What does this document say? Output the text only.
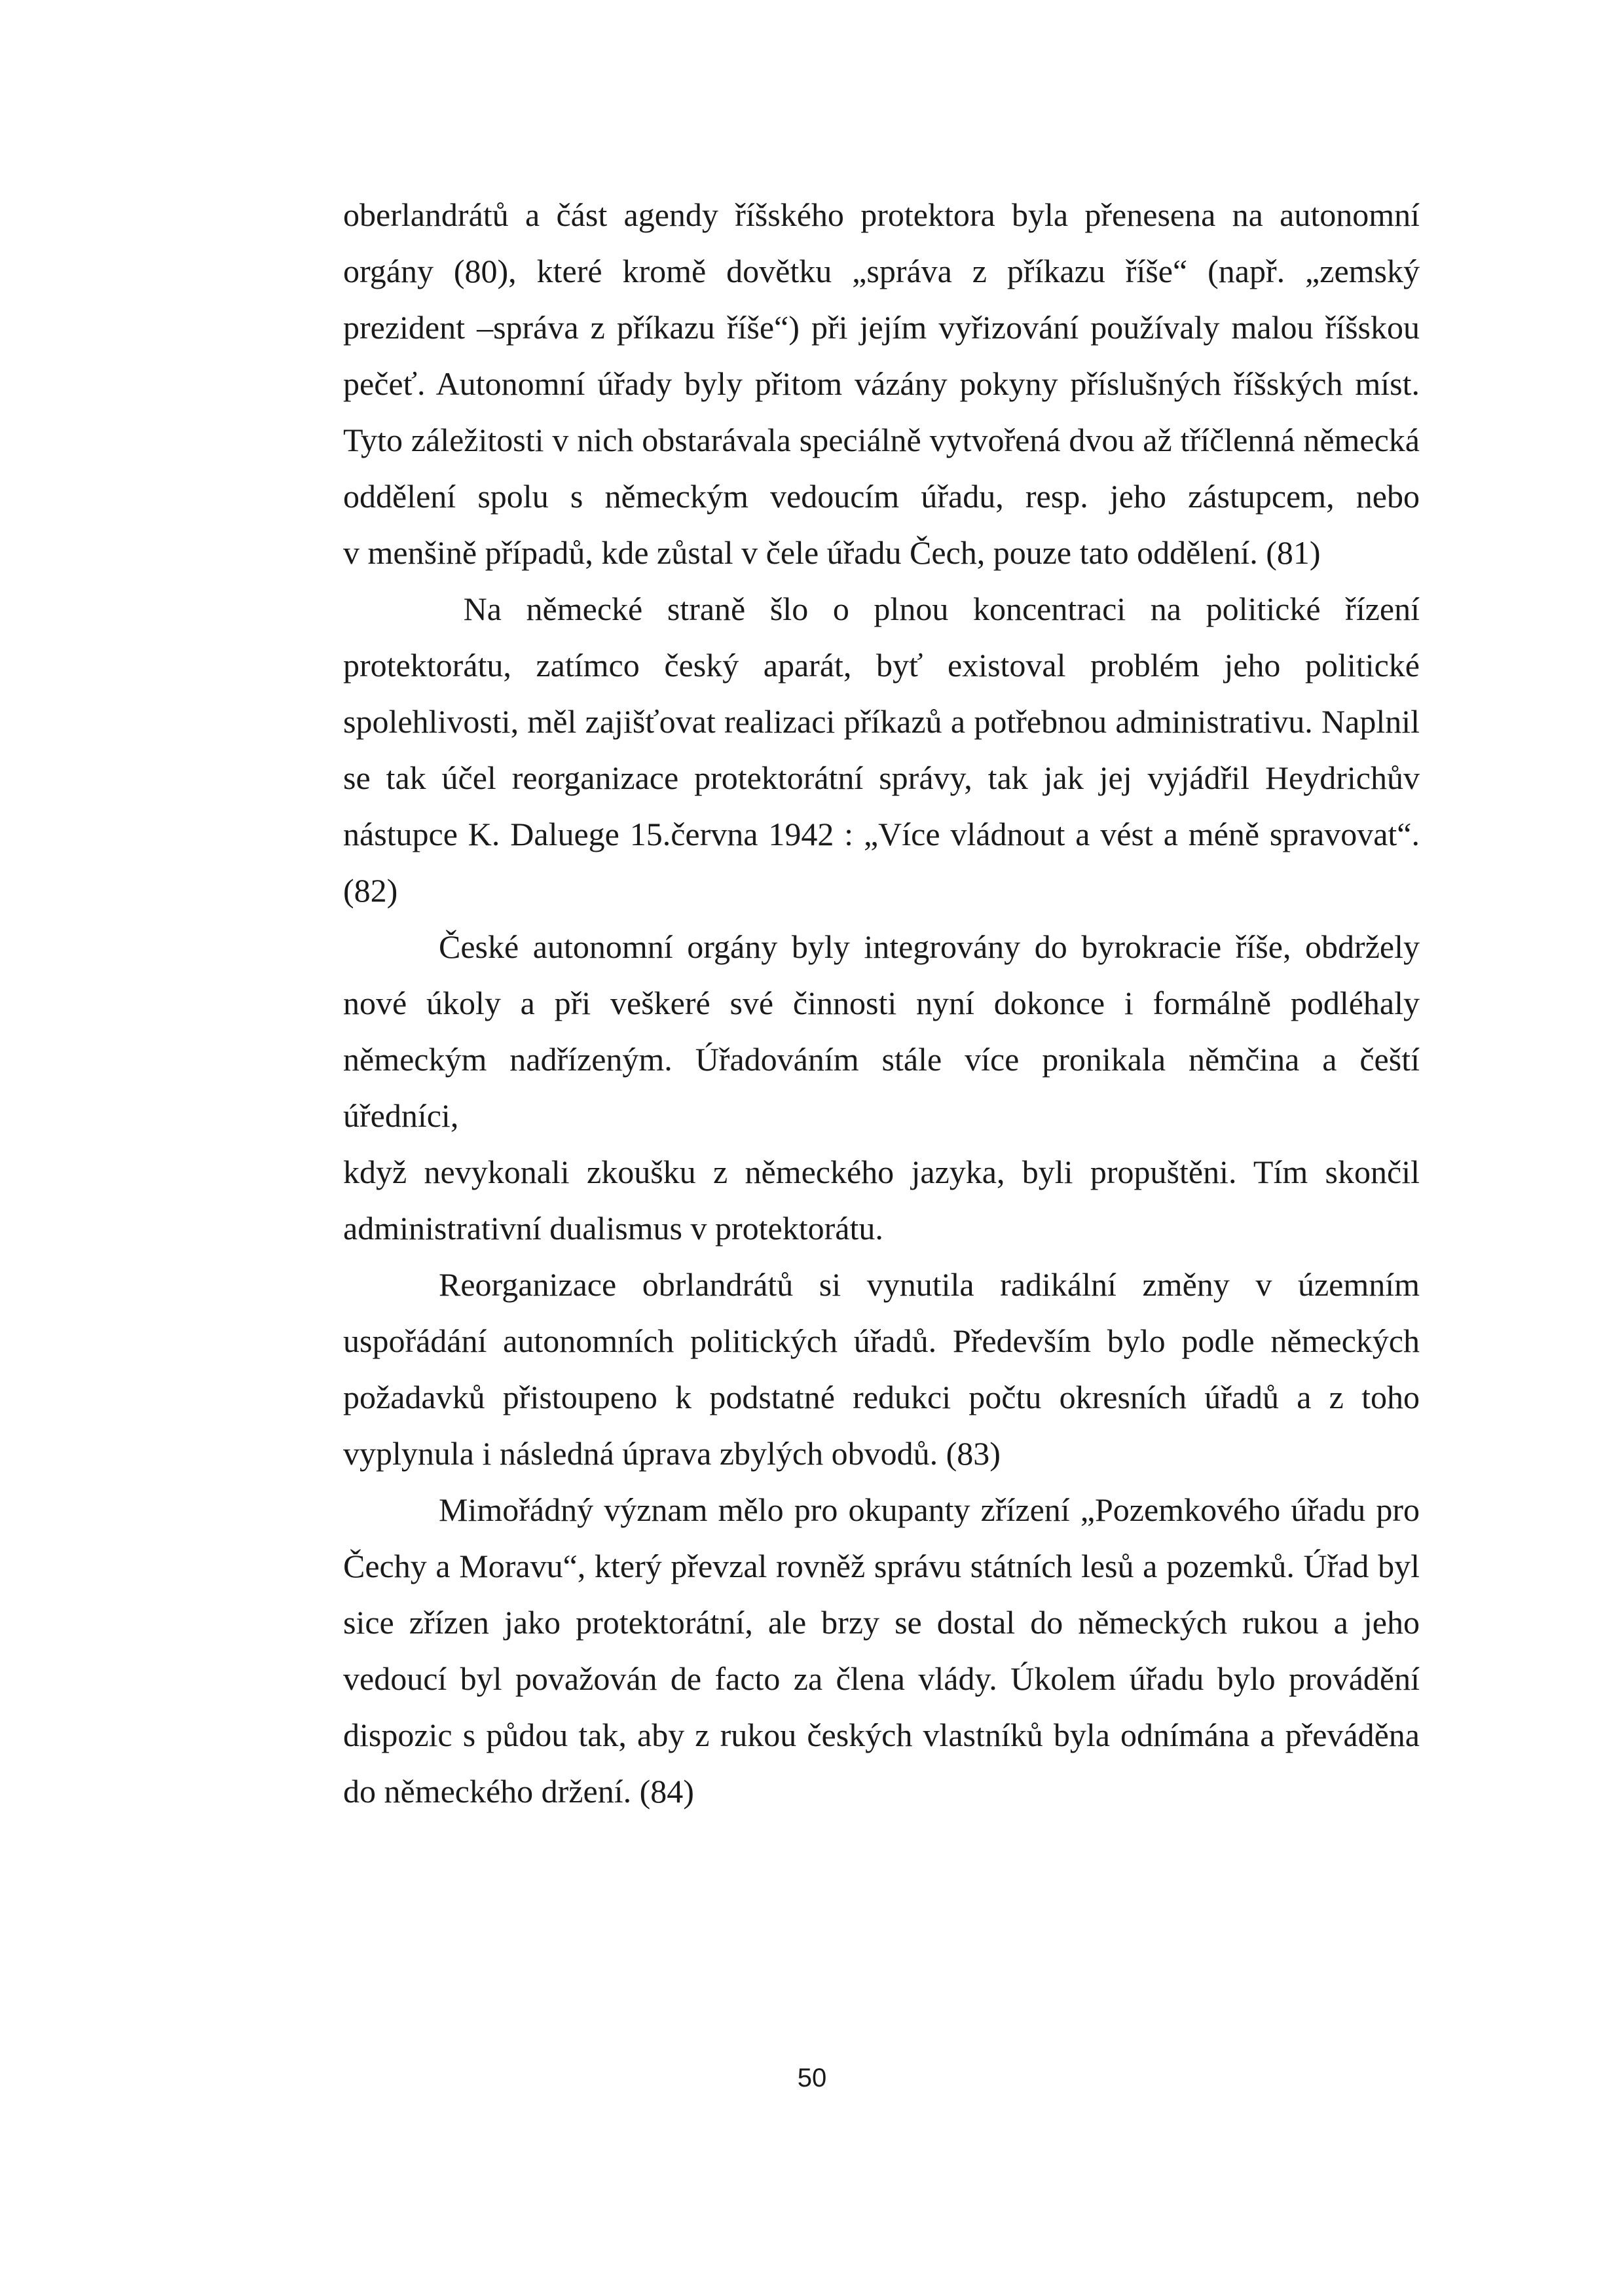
oberlandrátů a část agendy říšského protektora byla přenesena na autonomní

orgány (80), které kromě dovětku „správa z příkazu říše“ (např. „zemský

prezident –správa z příkazu říše“) při jejím vyřizování používaly malou říšskou

pečeť. Autonomní úřady byly přitom vázány pokyny příslušných říšských míst.

Tyto záležitosti v nich obstarávala speciálně vytvořená dvou až tříčlenná německá

oddělení spolu s německým vedoucím úřadu, resp. jeho zástupcem, nebo

v menšině případů, kde zůstal v čele úřadu Čech, pouze tato oddělení. (81)

Na německé straně šlo o plnou koncentraci na politické řízení

protektorátu, zatímco český aparát, byť existoval problém jeho politické

spolehlivosti, měl zajišťovat realizaci příkazů a potřebnou administrativu. Naplnil

se tak účel reorganizace protektorátní správy, tak jak jej vyjádřil Heydrichův

nástupce K. Daluege 15.června 1942 : „Více vládnout a vést a méně spravovat“.

(82)

České autonomní orgány byly integrovány do byrokracie říše, obdržely

nové úkoly a při veškeré své činnosti nyní dokonce i formálně podléhaly

německým nadřízeným. Úřadováním stále více pronikala němčina a čeští úředníci,

když nevykonali zkoušku z německého jazyka, byli propuštěni. Tím skončil

administrativní dualismus v protektorátu.

Reorganizace obrlandrátů si vynutila radikální změny v územním

uspořádání autonomních politických úřadů. Především bylo podle německých

požadavků přistoupeno k podstatné redukci počtu okresních úřadů a z toho

vyplynula i následná úprava zbylých obvodů. (83)

Mimořádný význam mělo pro okupanty zřízení „Pozemkového úřadu pro

Čechy a Moravu“, který převzal rovněž správu státních lesů a pozemků. Úřad byl

sice zřízen jako protektorátní, ale brzy se dostal do německých rukou a jeho

vedoucí byl považován de facto za člena vlády. Úkolem úřadu bylo provádění

dispozic s půdou tak, aby z rukou českých vlastníků byla odnímána a převáděna

do německého držení. (84)

50
